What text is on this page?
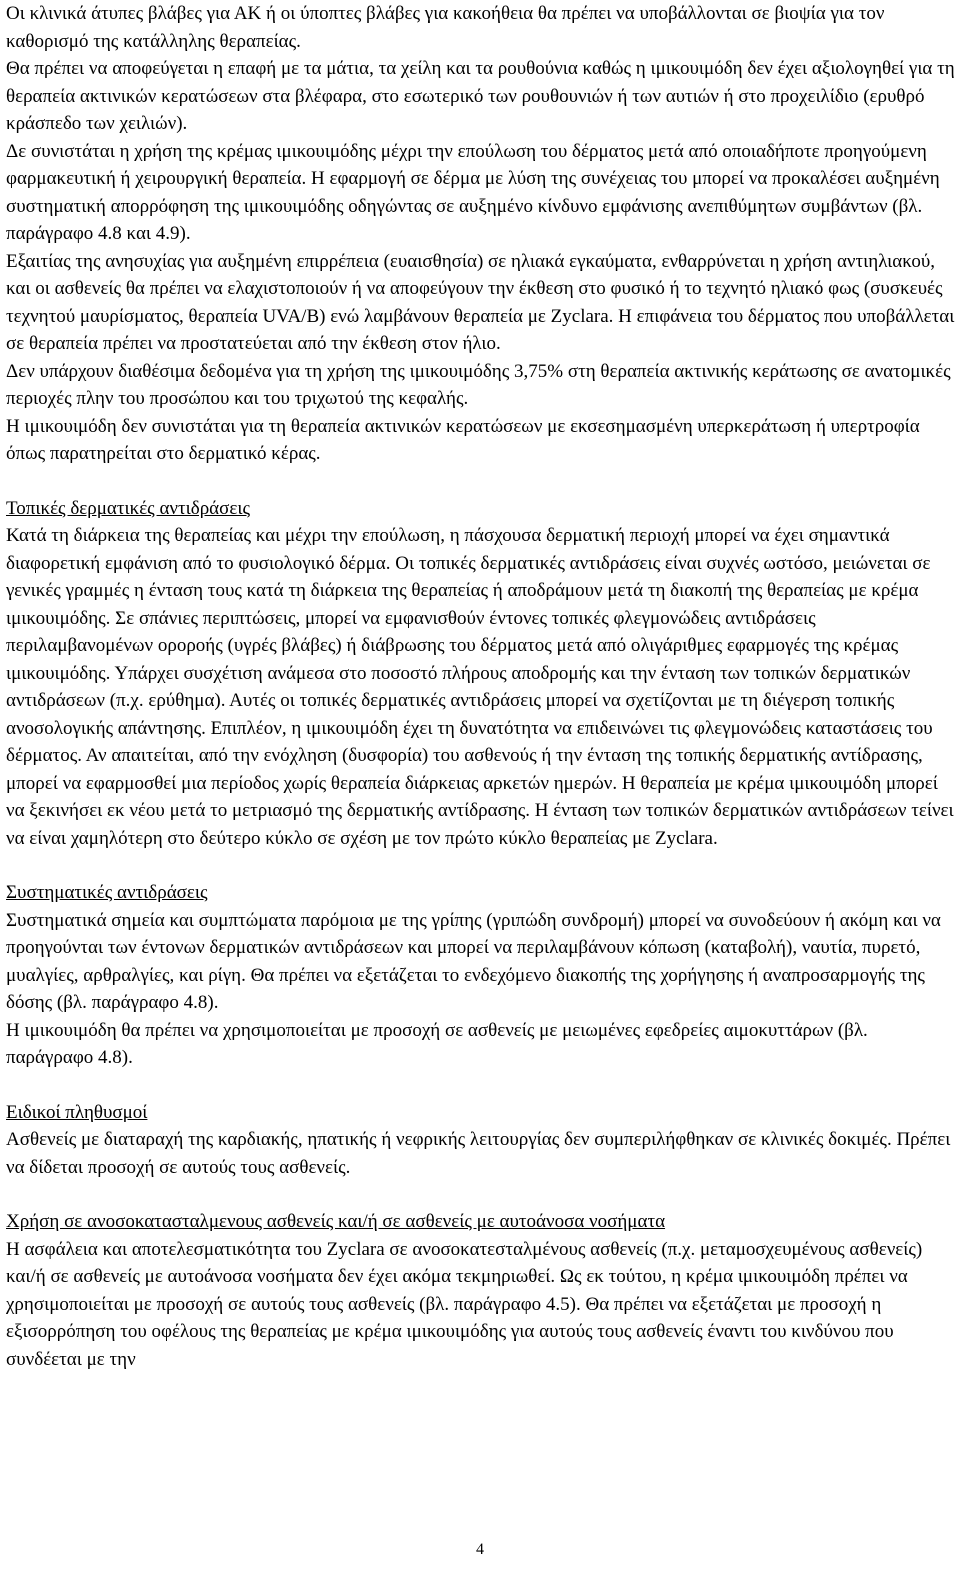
Οι κλινικά άτυπες βλάβες για ΑΚ ή οι ύποπτες βλάβες για κακοήθεια θα πρέπει να υποβάλλονται σε βιοψία για τον καθορισμό της κατάλληλης θεραπείας.

Θα πρέπει να αποφεύγεται η επαφή με τα μάτια, τα χείλη και τα ρουθούνια καθώς η ιμικουιμόδη δεν έχει αξιολογηθεί για τη θεραπεία ακτινικών κερατώσεων στα βλέφαρα, στο εσωτερικό των ρουθουνιών ή των αυτιών ή στο προχειλίδιο (ερυθρό κράσπεδο των χειλιών).

Δε συνιστάται η χρήση της κρέμας ιμικουιμόδης μέχρι την επούλωση του δέρματος μετά από οποιαδήποτε προηγούμενη φαρμακευτική ή χειρουργική θεραπεία. Η εφαρμογή σε δέρμα με λύση της συνέχειας του μπορεί να προκαλέσει αυξημένη συστηματική απορρόφηση της ιμικουιμόδης οδηγώντας σε αυξημένο κίνδυνο εμφάνισης ανεπιθύμητων συμβάντων (βλ. παράγραφο 4.8 και 4.9).

Εξαιτίας της ανησυχίας για αυξημένη επιρρέπεια (ευαισθησία) σε ηλιακά εγκαύματα, ενθαρρύνεται η χρήση αντιηλιακού, και οι ασθενείς θα πρέπει να ελαχιστοποιούν ή να αποφεύγουν την έκθεση στο φυσικό ή το τεχνητό ηλιακό φως (συσκευές τεχνητού μαυρίσματος, θεραπεία UVA/B) ενώ λαμβάνουν θεραπεία με Zyclara. Η επιφάνεια του δέρματος που υποβάλλεται σε θεραπεία πρέπει να προστατεύεται από την έκθεση στον ήλιο.

Δεν υπάρχουν διαθέσιμα δεδομένα για τη χρήση της ιμικουιμόδης 3,75% στη θεραπεία ακτινικής κεράτωσης σε ανατομικές περιοχές πλην του προσώπου και του τριχωτού της κεφαλής.

Η ιμικουιμόδη δεν συνιστάται για τη θεραπεία ακτινικών κερατώσεων με εκσεσημασμένη υπερκεράτωση ή υπερτροφία όπως παρατηρείται στο δερματικό κέρας.

Τοπικές δερματικές αντιδράσεις

Κατά τη διάρκεια της θεραπείας και μέχρι την επούλωση, η πάσχουσα δερματική περιοχή μπορεί να έχει σημαντικά διαφορετική εμφάνιση από το φυσιολογικό δέρμα. Οι τοπικές δερματικές αντιδράσεις είναι συχνές ωστόσο, μειώνεται σε γενικές γραμμές η ένταση τους κατά τη διάρκεια της θεραπείας ή αποδράμουν μετά τη διακοπή της θεραπείας με κρέμα ιμικουιμόδης. Σε σπάνιες περιπτώσεις, μπορεί να εμφανισθούν έντονες τοπικές φλεγμονώδεις αντιδράσεις περιλαμβανομένων οροροής (υγρές βλάβες) ή διάβρωσης του δέρματος μετά από ολιγάριθμες εφαρμογές της κρέμας ιμικουιμόδης. Υπάρχει συσχέτιση ανάμεσα στο ποσοστό πλήρους αποδρομής και την ένταση των τοπικών δερματικών αντιδράσεων (π.χ. ερύθημα). Αυτές οι τοπικές δερματικές αντιδράσεις μπορεί να σχετίζονται με τη διέγερση τοπικής ανοσολογικής απάντησης. Επιπλέον, η ιμικουιμόδη έχει τη δυνατότητα να επιδεινώνει τις φλεγμονώδεις καταστάσεις του δέρματος. Αν απαιτείται, από την ενόχληση (δυσφορία) του ασθενούς ή την ένταση της τοπικής δερματικής αντίδρασης, μπορεί να εφαρμοσθεί μια περίοδος χωρίς θεραπεία διάρκειας αρκετών ημερών. Η θεραπεία με κρέμα ιμικουιμόδη μπορεί να ξεκινήσει εκ νέου μετά το μετριασμό της δερματικής αντίδρασης. Η ένταση των τοπικών δερματικών αντιδράσεων τείνει να είναι χαμηλότερη στο δεύτερο κύκλο σε σχέση με τον πρώτο κύκλο θεραπείας με Zyclara.

Συστηματικές αντιδράσεις

Συστηματικά σημεία και συμπτώματα παρόμοια με της γρίπης (γριπώδη συνδρομή) μπορεί να συνοδεύουν ή ακόμη και να προηγούνται των έντονων δερματικών αντιδράσεων και μπορεί να περιλαμβάνουν κόπωση (καταβολή), ναυτία, πυρετό, μυαλγίες, αρθραλγίες, και ρίγη. Θα πρέπει να εξετάζεται το ενδεχόμενο διακοπής της χορήγησης ή αναπροσαρμογής της δόσης (βλ. παράγραφο 4.8).

Η ιμικουιμόδη θα πρέπει να χρησιμοποιείται με προσοχή σε ασθενείς με μειωμένες εφεδρείες αιμοκυττάρων (βλ. παράγραφο 4.8).

Ειδικοί πληθυσμοί

Ασθενείς με διαταραχή της καρδιακής, ηπατικής ή νεφρικής λειτουργίας δεν συμπεριλήφθηκαν σε κλινικές δοκιμές. Πρέπει να δίδεται προσοχή σε αυτούς τους ασθενείς.

Χρήση σε ανοσοκατασταλμενους ασθενείς και/ή σε ασθενείς με αυτοάνοσα νοσήματα

Η ασφάλεια και αποτελεσματικότητα του Zyclara σε ανοσοκατεσταλμένους ασθενείς (π.χ. μεταμοσχευμένους ασθενείς) και/ή σε ασθενείς με αυτοάνοσα νοσήματα δεν έχει ακόμα τεκμηριωθεί. Ως εκ τούτου, η κρέμα ιμικουιμόδη πρέπει να χρησιμοποιείται με προσοχή σε αυτούς τους ασθενείς (βλ. παράγραφο 4.5). Θα πρέπει να εξετάζεται με προσοχή η εξισορρόπηση του οφέλους της θεραπείας με κρέμα ιμικουιμόδης για αυτούς τους ασθενείς έναντι του κινδύνου που συνδέεται με την

4
